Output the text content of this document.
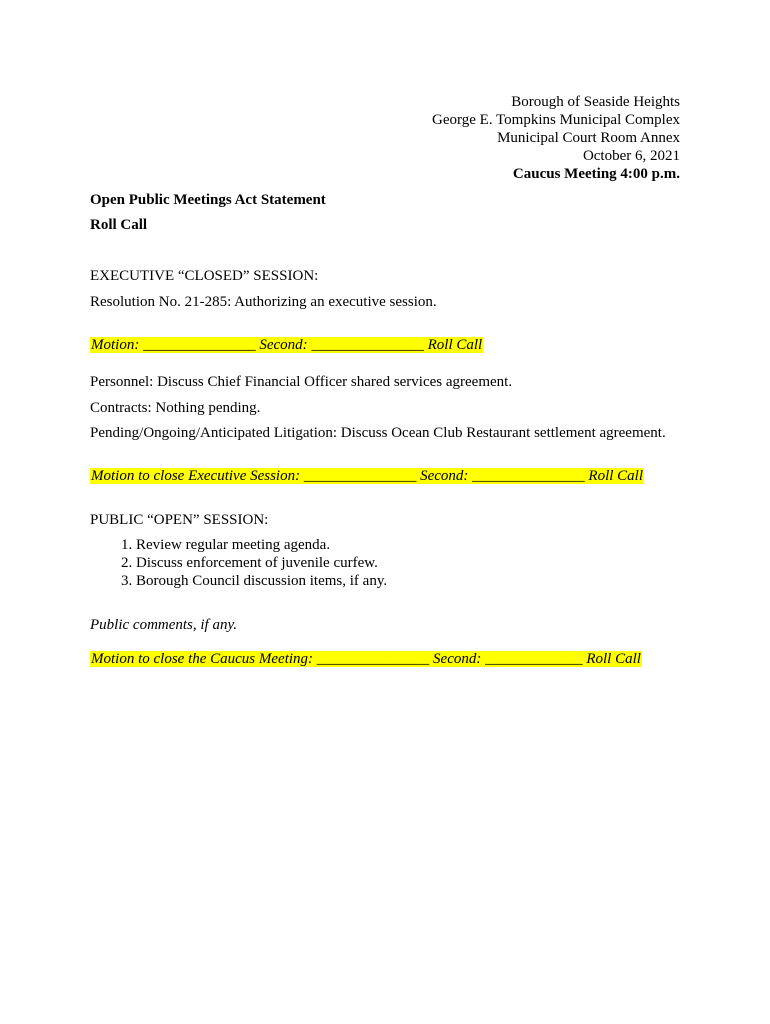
Borough of Seaside Heights
George E. Tompkins Municipal Complex
Municipal Court Room Annex
October 6, 2021
Caucus Meeting 4:00 p.m.
Open Public Meetings Act Statement
Roll Call
EXECUTIVE “CLOSED” SESSION:
Resolution No. 21-285: Authorizing an executive session.
Motion: _______________ Second: _______________ Roll Call
Personnel: Discuss Chief Financial Officer shared services agreement.
Contracts: Nothing pending.
Pending/Ongoing/Anticipated Litigation: Discuss Ocean Club Restaurant settlement agreement.
Motion to close Executive Session: _______________ Second: _______________ Roll Call
PUBLIC “OPEN” SESSION:
1. Review regular meeting agenda.
2. Discuss enforcement of juvenile curfew.
3. Borough Council discussion items, if any.
Public comments, if any.
Motion to close the Caucus Meeting: _______________ Second: _____________ Roll Call
